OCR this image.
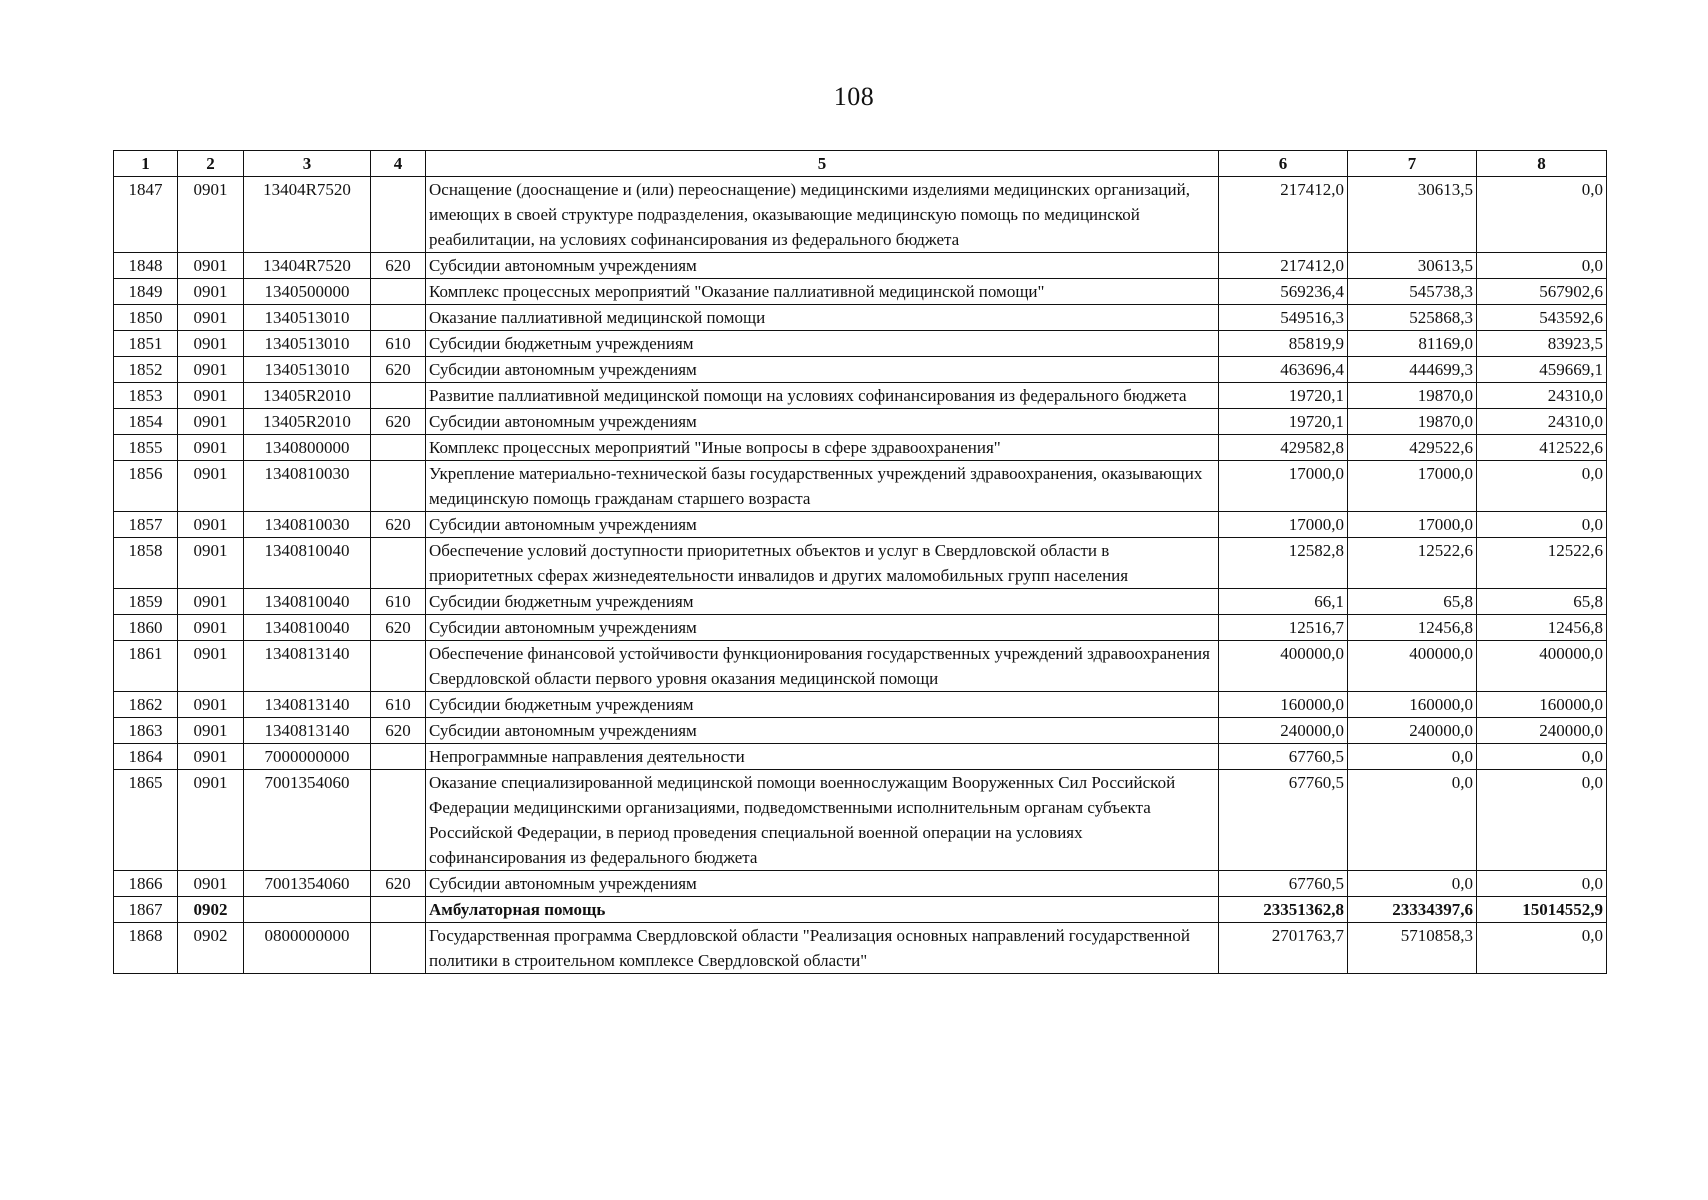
108
1	2	3	4	5	6	7	8
1847	0901	13404R7520		Оснащение (дооснащение и (или) переоснащение) медицинскими изделиями медицинских организаций, имеющих в своей структуре подразделения, оказывающие медицинскую помощь по медицинской реабилитации, на условиях софинансирования из федерального бюджета	217412,0	30613,5	0,0
1848	0901	13404R7520	620	Субсидии автономным учреждениям	217412,0	30613,5	0,0
1849	0901	1340500000		Комплекс процессных мероприятий "Оказание паллиативной медицинской помощи"	569236,4	545738,3	567902,6
1850	0901	1340513010		Оказание паллиативной медицинской помощи	549516,3	525868,3	543592,6
1851	0901	1340513010	610	Субсидии бюджетным учреждениям	85819,9	81169,0	83923,5
1852	0901	1340513010	620	Субсидии автономным учреждениям	463696,4	444699,3	459669,1
1853	0901	13405R2010		Развитие паллиативной медицинской помощи на условиях софинансирования из федерального бюджета	19720,1	19870,0	24310,0
1854	0901	13405R2010	620	Субсидии автономным учреждениям	19720,1	19870,0	24310,0
1855	0901	1340800000		Комплекс процессных мероприятий "Иные вопросы в сфере здравоохранения"	429582,8	429522,6	412522,6
1856	0901	1340810030		Укрепление материально-технической базы государственных учреждений здравоохранения, оказывающих медицинскую помощь гражданам старшего возраста	17000,0	17000,0	0,0
1857	0901	1340810030	620	Субсидии автономным учреждениям	17000,0	17000,0	0,0
1858	0901	1340810040		Обеспечение условий доступности приоритетных объектов и услуг в Свердловской области в приоритетных сферах жизнедеятельности инвалидов и других маломобильных групп населения	12582,8	12522,6	12522,6
1859	0901	1340810040	610	Субсидии бюджетным учреждениям	66,1	65,8	65,8
1860	0901	1340810040	620	Субсидии автономным учреждениям	12516,7	12456,8	12456,8
1861	0901	1340813140		Обеспечение финансовой устойчивости функционирования государственных учреждений здравоохранения Свердловской области первого уровня оказания медицинской помощи	400000,0	400000,0	400000,0
1862	0901	1340813140	610	Субсидии бюджетным учреждениям	160000,0	160000,0	160000,0
1863	0901	1340813140	620	Субсидии автономным учреждениям	240000,0	240000,0	240000,0
1864	0901	7000000000		Непрограммные направления деятельности	67760,5	0,0	0,0
1865	0901	7001354060		Оказание специализированной медицинской помощи военнослужащим Вооруженных Сил Российской Федерации медицинскими организациями, подведомственными исполнительным органам субъекта Российской Федерации, в период проведения специальной военной операции на условиях софинансирования из федерального бюджета	67760,5	0,0	0,0
1866	0901	7001354060	620	Субсидии автономным учреждениям	67760,5	0,0	0,0
1867	0902			Амбулаторная помощь	23351362,8	23334397,6	15014552,9
1868	0902	0800000000		Государственная программа Свердловской области "Реализация основных направлений государственной политики в строительном комплексе Свердловской области"	2701763,7	5710858,3	0,0
